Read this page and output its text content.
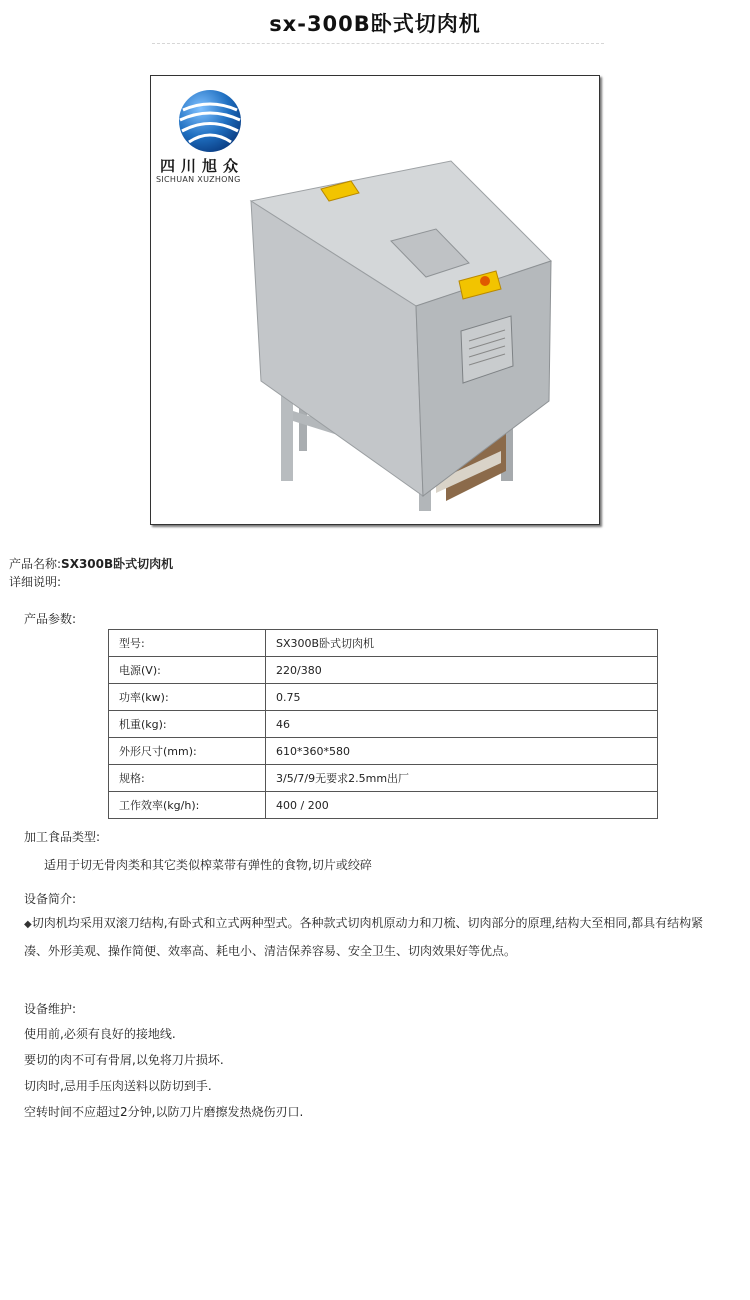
sx-300B卧式切肉机
四川旭众
SICHUAN XUZHONG
产品名称:SX300B卧式切肉机
详细说明:
产品参数:
型号:	SX300B卧式切肉机
电源(V):	220/380
功率(kw):	0.75
机重(kg):	46
外形尺寸(mm):	610*360*580
规格:	3/5/7/9无要求2.5mm出厂
工作效率(kg/h):	400 / 200
加工食品类型:
适用于切无骨肉类和其它类似榨菜带有弹性的食物,切片或绞碎
设备简介:
◆切肉机均采用双滚刀结构,有卧式和立式两种型式。各种款式切肉机原动力和刀梳、切肉部分的原理,结构大至相同,都具有结构紧凑、外形美观、操作简便、效率高、耗电小、清洁保养容易、安全卫生、切肉效果好等优点。
设备维护:
使用前,必须有良好的接地线.
要切的肉不可有骨屑,以免将刀片损坏.
切肉时,忌用手压肉送料以防切到手.
空转时间不应超过2分钟,以防刀片磨擦发热烧伤刃口.
